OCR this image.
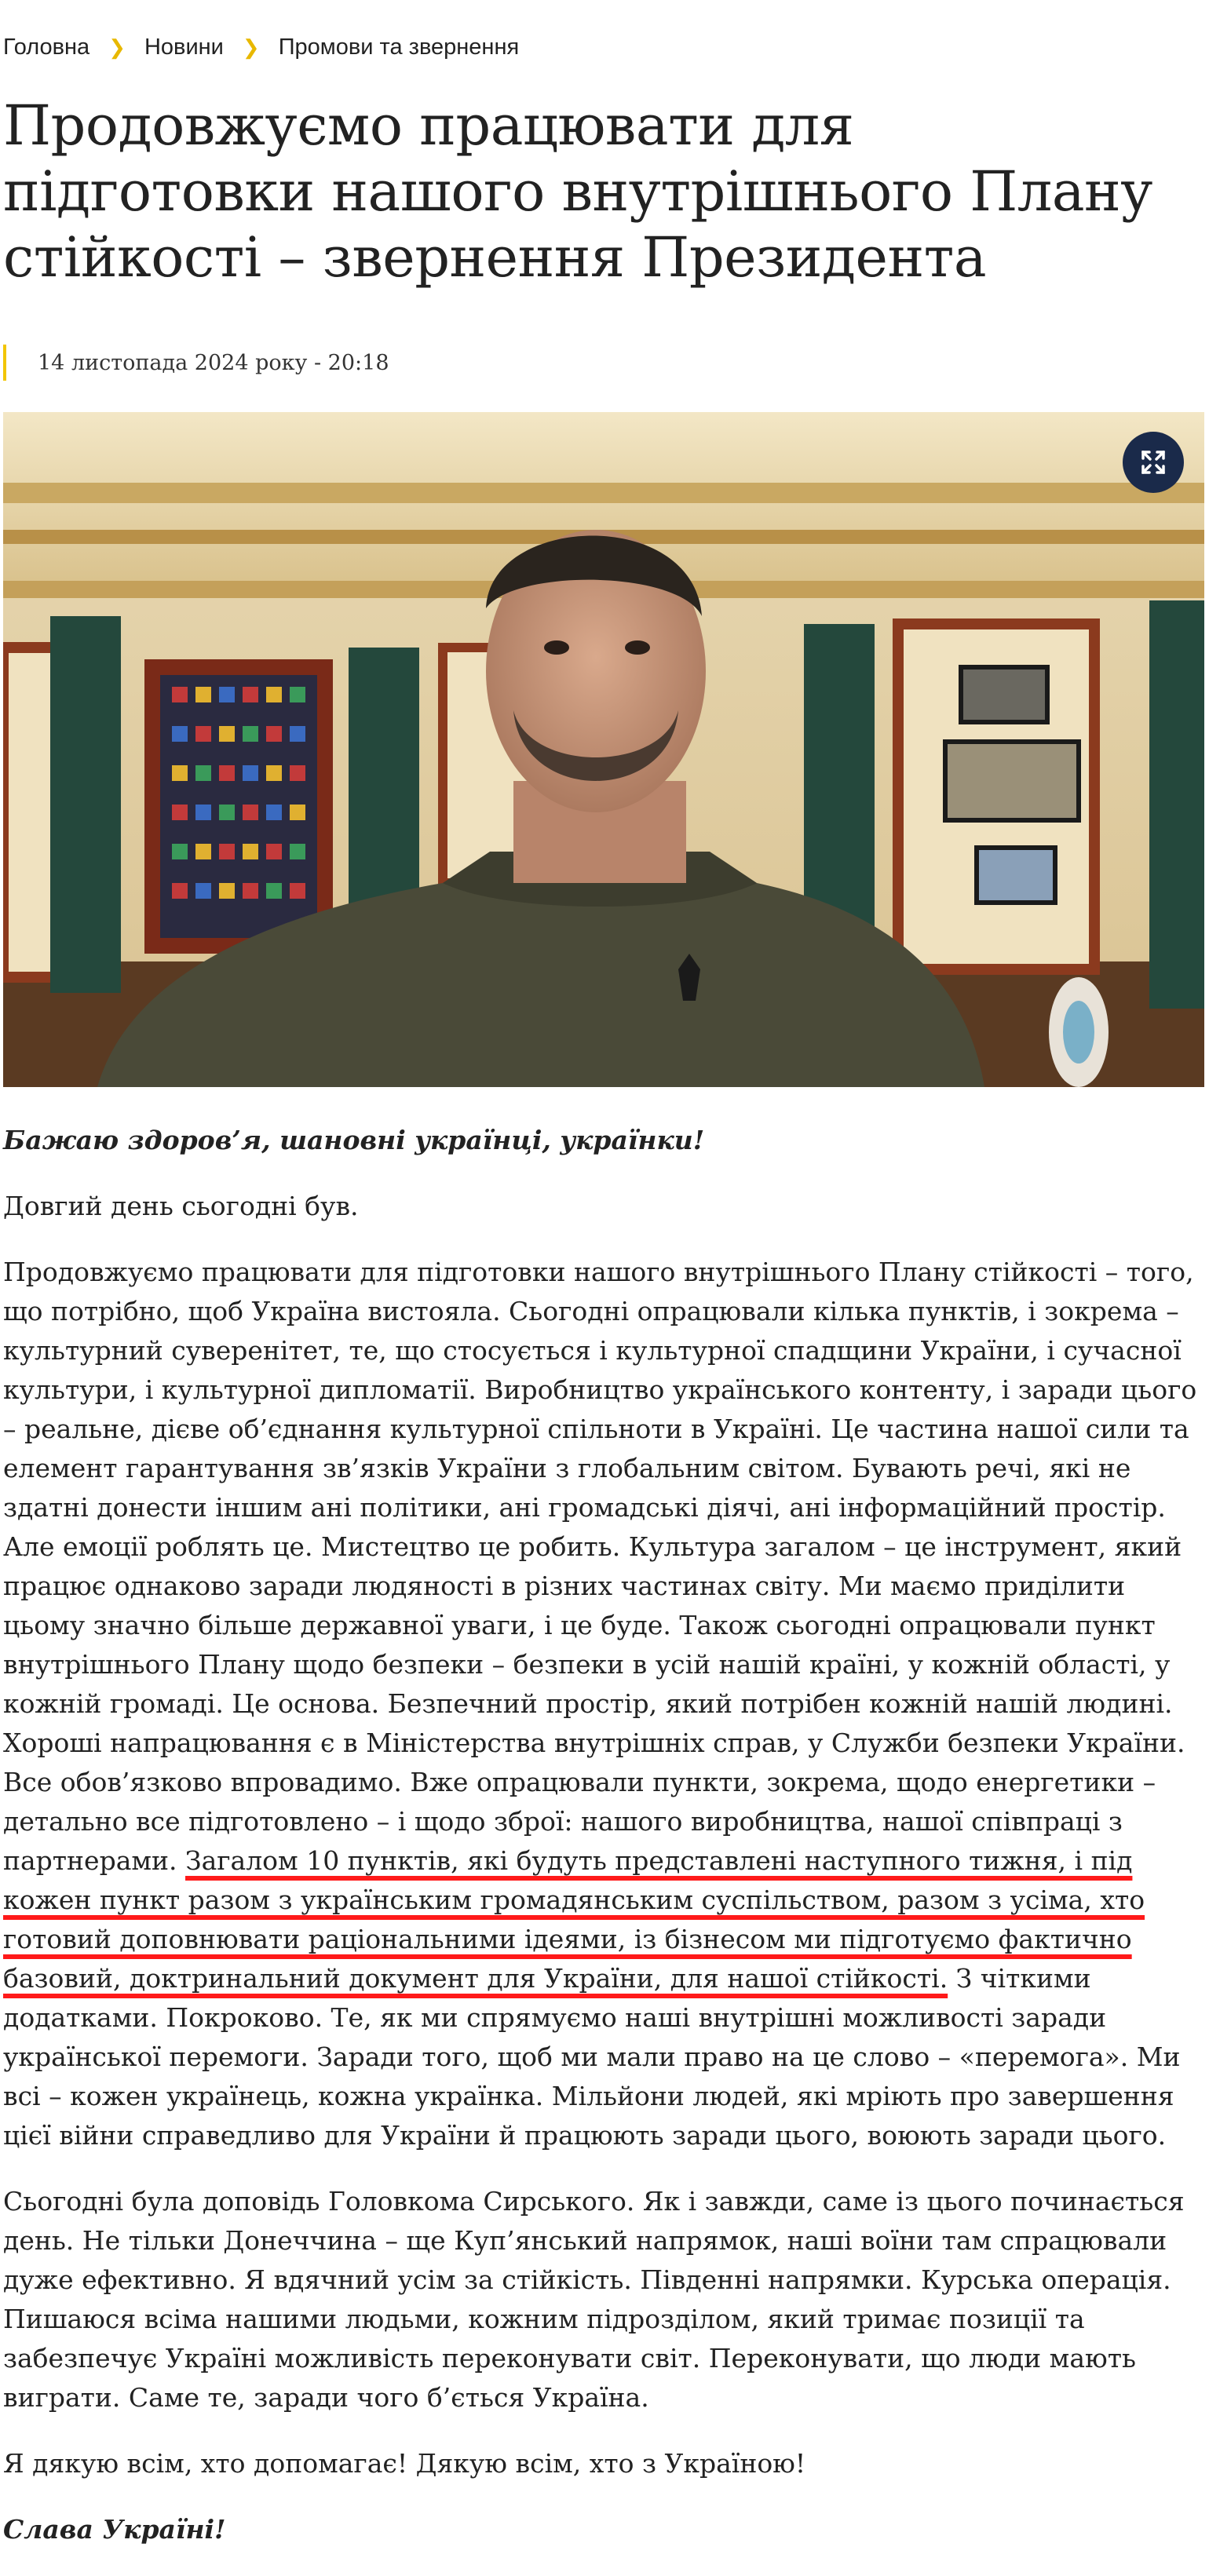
Головна ❯ Новини ❯ Промови та звернення
Продовжуємо працювати для підготовки нашого внутрішнього Плану стійкості – звернення Президента
14 листопада 2024 року - 20:18

Бажаю здоров’я, шановні українці, українки!

Довгий день сьогодні був.

Продовжуємо працювати для підготовки нашого внутрішнього Плану стійкості – того, що потрібно, щоб Україна вистояла. Сьогодні опрацювали кілька пунктів, і зокрема – культурний суверенітет, те, що стосується і культурної спадщини України, і сучасної культури, і культурної дипломатії. Виробництво українського контенту, і заради цього – реальне, дієве об’єднання культурної спільноти в Україні. Це частина нашої сили та елемент гарантування зв’язків України з глобальним світом. Бувають речі, які не здатні донести іншим ані політики, ані громадські діячі, ані інформаційний простір. Але емоції роблять це. Мистецтво це робить. Культура загалом – це інструмент, який працює однаково заради людяності в різних частинах світу. Ми маємо приділити цьому значно більше державної уваги, і це буде. Також сьогодні опрацювали пункт внутрішнього Плану щодо безпеки – безпеки в усій нашій країні, у кожній області, у кожній громаді. Це основа. Безпечний простір, який потрібен кожній нашій людині. Хороші напрацювання є в Міністерства внутрішніх справ, у Служби безпеки України. Все обов’язково впровадимо. Вже опрацювали пункти, зокрема, щодо енергетики – детально все підготовлено – і щодо зброї: нашого виробництва, нашої співпраці з партнерами. Загалом 10 пунктів, які будуть представлені наступного тижня, і під кожен пункт разом з українським громадянським суспільством, разом з усіма, хто готовий доповнювати раціональними ідеями, із бізнесом ми підготуємо фактично базовий, доктринальний документ для України, для нашої стійкості. З чіткими додатками. Покроково. Те, як ми спрямуємо наші внутрішні можливості заради української перемоги. Заради того, щоб ми мали право на це слово – «перемога». Ми всі – кожен українець, кожна українка. Мільйони людей, які мріють про завершення цієї війни справедливо для України й працюють заради цього, воюють заради цього.

Сьогодні була доповідь Головкома Сирського. Як і завжди, саме із цього починається день. Не тільки Донеччина – ще Куп’янський напрямок, наші воїни там спрацювали дуже ефективно. Я вдячний усім за стійкість. Південні напрямки. Курська операція. Пишаюся всіма нашими людьми, кожним підрозділом, який тримає позиції та забезпечує Україні можливість переконувати світ. Переконувати, що люди мають виграти. Саме те, заради чого б’ється Україна.

Я дякую всім, хто допомагає! Дякую всім, хто з Україною!

Слава Україні!
